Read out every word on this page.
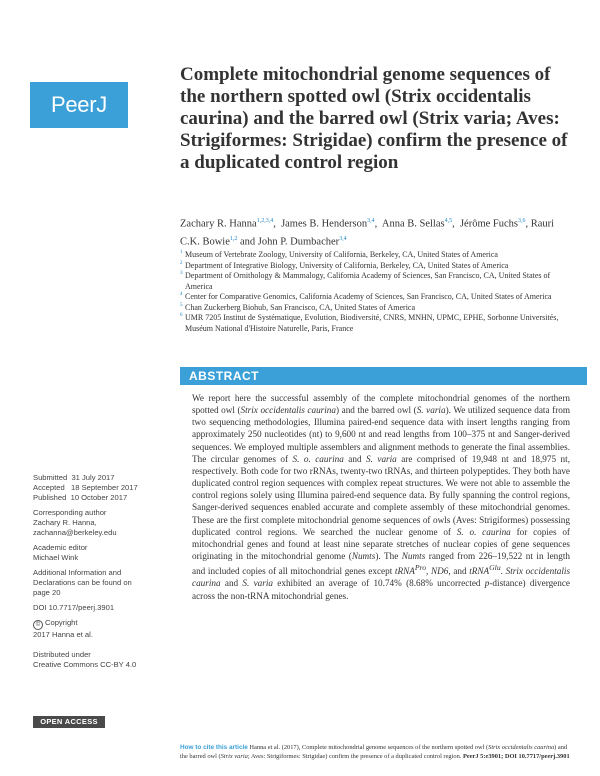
PeerJ
Complete mitochondrial genome sequences of the northern spotted owl (Strix occidentalis caurina) and the barred owl (Strix varia; Aves: Strigiformes: Strigidae) confirm the presence of a duplicated control region
Zachary R. Hanna$^{1,2,3,4}$,  James B. Henderson$^{3,4}$,  Anna B. Sellas$^{4,5}$,  Jérôme Fuchs$^{3,6}$, Rauri C.K. Bowie$^{1,2}$ and John P. Dumbacher$^{3,4}$
1 Museum of Vertebrate Zoology, University of California, Berkeley, CA, United States of America
2 Department of Integrative Biology, University of California, Berkeley, CA, United States of America
3 Department of Ornithology & Mammalogy, California Academy of Sciences, San Francisco, CA, United States of America
4 Center for Comparative Genomics, California Academy of Sciences, San Francisco, CA, United States of America
5 Chan Zuckerberg Biohub, San Francisco, CA, United States of America
6 UMR 7205 Institut de Systématique, Evolution, Biodiversité, CNRS, MNHN, UPMC, EPHE, Sorbonne Universités, Muséum National d'Histoire Naturelle, Paris, France
ABSTRACT

We report here the successful assembly of the complete mitochondrial genomes of the northern spotted owl (Strix occidentalis caurina) and the barred owl (S. varia). We utilized sequence data from two sequencing methodologies, Illumina paired-end sequence data with insert lengths ranging from approximately 250 nucleotides (nt) to 9,600 nt and read lengths from 100–375 nt and Sanger-derived sequences. We employed multiple assemblers and alignment methods to generate the final assemblies. The circular genomes of S. o. caurina and S. varia are comprised of 19,948 nt and 18,975 nt, respectively. Both code for two rRNAs, twenty-two tRNAs, and thirteen polypeptides. They both have duplicated control region sequences with complex repeat structures. We were not able to assemble the control regions solely using Illumina paired-end sequence data. By fully spanning the control regions, Sanger-derived sequences enabled accurate and complete assembly of these mitochondrial genomes. These are the first complete mitochondrial genome sequences of owls (Aves: Strigiformes) possessing duplicated control regions. We searched the nuclear genome of S. o. caurina for copies of mitochondrial genes and found at least nine separate stretches of nuclear copies of gene sequences originating in the mitochondrial genome (Numts). The Numts ranged from 226–19,522 nt in length and included copies of all mitochondrial genes except tRNA$^{Pro}$, ND6, and tRNA$^{Glu}$. Strix occidentalis caurina and S. varia exhibited an average of 10.74% (8.68% uncorrected p-distance) divergence across the non-tRNA mitochondrial genes.

Submitted 31 July 2017
Accepted 18 September 2017
Published 10 October 2017
Corresponding author
Zachary R. Hanna,
zachanna@berkeley.edu
Academic editor
Michael Wink
Additional Information and
Declarations can be found on
page 20
DOI 10.7717/peerj.3901
© Copyright
2017 Hanna et al.
Distributed under
Creative Commons CC-BY 4.0
OPEN ACCESS
How to cite this article Hanna et al. (2017), Complete mitochondrial genome sequences of the northern spotted owl (Strix occidentalis caurina) and the barred owl (Strix varia; Aves: Strigiformes: Strigidae) confirm the presence of a duplicated control region. PeerJ 5:e3901; DOI 10.7717/peerj.3901
